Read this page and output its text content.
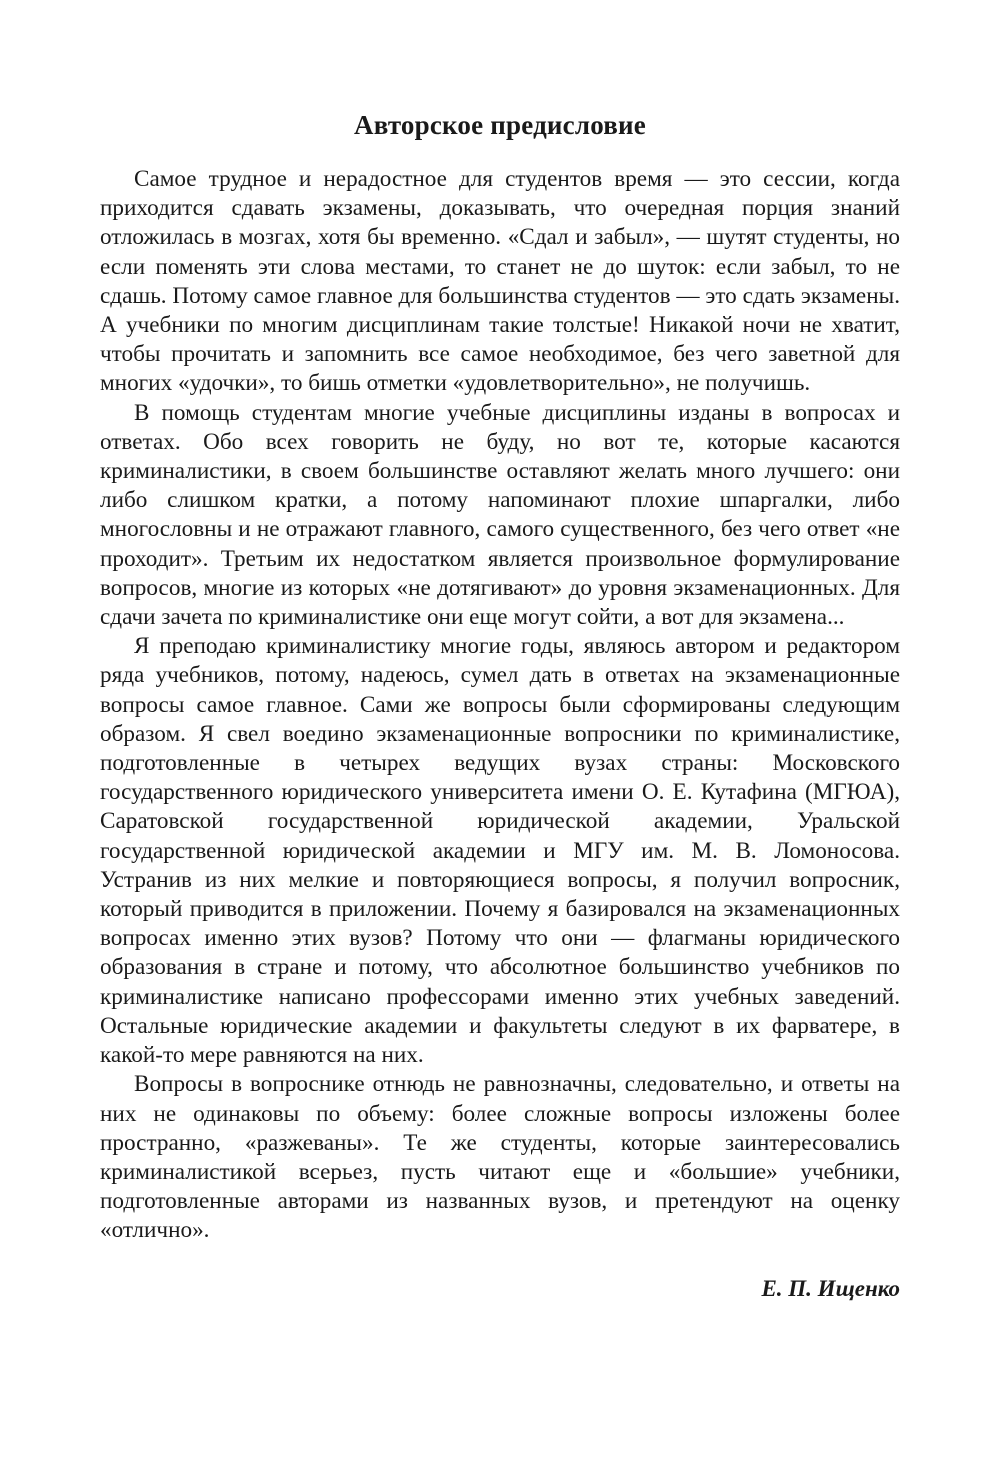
Авторское предисловие

Самое трудное и нерадостное для студентов время — это сессии, когда приходится сдавать экзамены, доказывать, что очередная порция знаний отложилась в мозгах, хотя бы временно. «Сдал и забыл», — шутят студенты, но если поменять эти слова местами, то станет не до шуток: если забыл, то не сдашь. Потому самое главное для большинства студентов — это сдать экзамены. А учебники по многим дисциплинам такие толстые! Никакой ночи не хватит, чтобы прочитать и запомнить все самое необходимое, без чего заветной для многих «удочки», то бишь отметки «удовлетворительно», не получишь.

В помощь студентам многие учебные дисциплины изданы в вопросах и ответах. Обо всех говорить не буду, но вот те, которые касаются криминалистики, в своем большинстве оставляют желать много лучшего: они либо слишком кратки, а потому напоминают плохие шпаргалки, либо многословны и не отражают главного, самого существенного, без чего ответ «не проходит». Третьим их недостатком является произвольное формулирование вопросов, многие из которых «не дотягивают» до уровня экзаменационных. Для сдачи зачета по криминалистике они еще могут сойти, а вот для экзамена...

Я преподаю криминалистику многие годы, являюсь автором и редактором ряда учебников, потому, надеюсь, сумел дать в ответах на экзаменационные вопросы самое главное. Сами же вопросы были сформированы следующим образом. Я свел воедино экзаменационные вопросники по криминалистике, подготовленные в четырех ведущих вузах страны: Московского государственного юридического университета имени О. Е. Кутафина (МГЮА), Саратовской государственной юридической академии, Уральской государственной юридической академии и МГУ им. М. В. Ломоносова. Устранив из них мелкие и повторяющиеся вопросы, я получил вопросник, который приводится в приложении. Почему я базировался на экзаменационных вопросах именно этих вузов? Потому что они — флагманы юридического образования в стране и потому, что абсолютное большинство учебников по криминалистике написано профессорами именно этих учебных заведений. Остальные юридические академии и факультеты следуют в их фарватере, в какой-то мере равняются на них.

Вопросы в вопроснике отнюдь не равнозначны, следовательно, и ответы на них не одинаковы по объему: более сложные вопросы изложены более пространно, «разжеваны». Те же студенты, которые заинтересовались криминалистикой всерьез, пусть читают еще и «большие» учебники, подготовленные авторами из названных вузов, и претендуют на оценку «отлично».

Е. П. Ищенко
